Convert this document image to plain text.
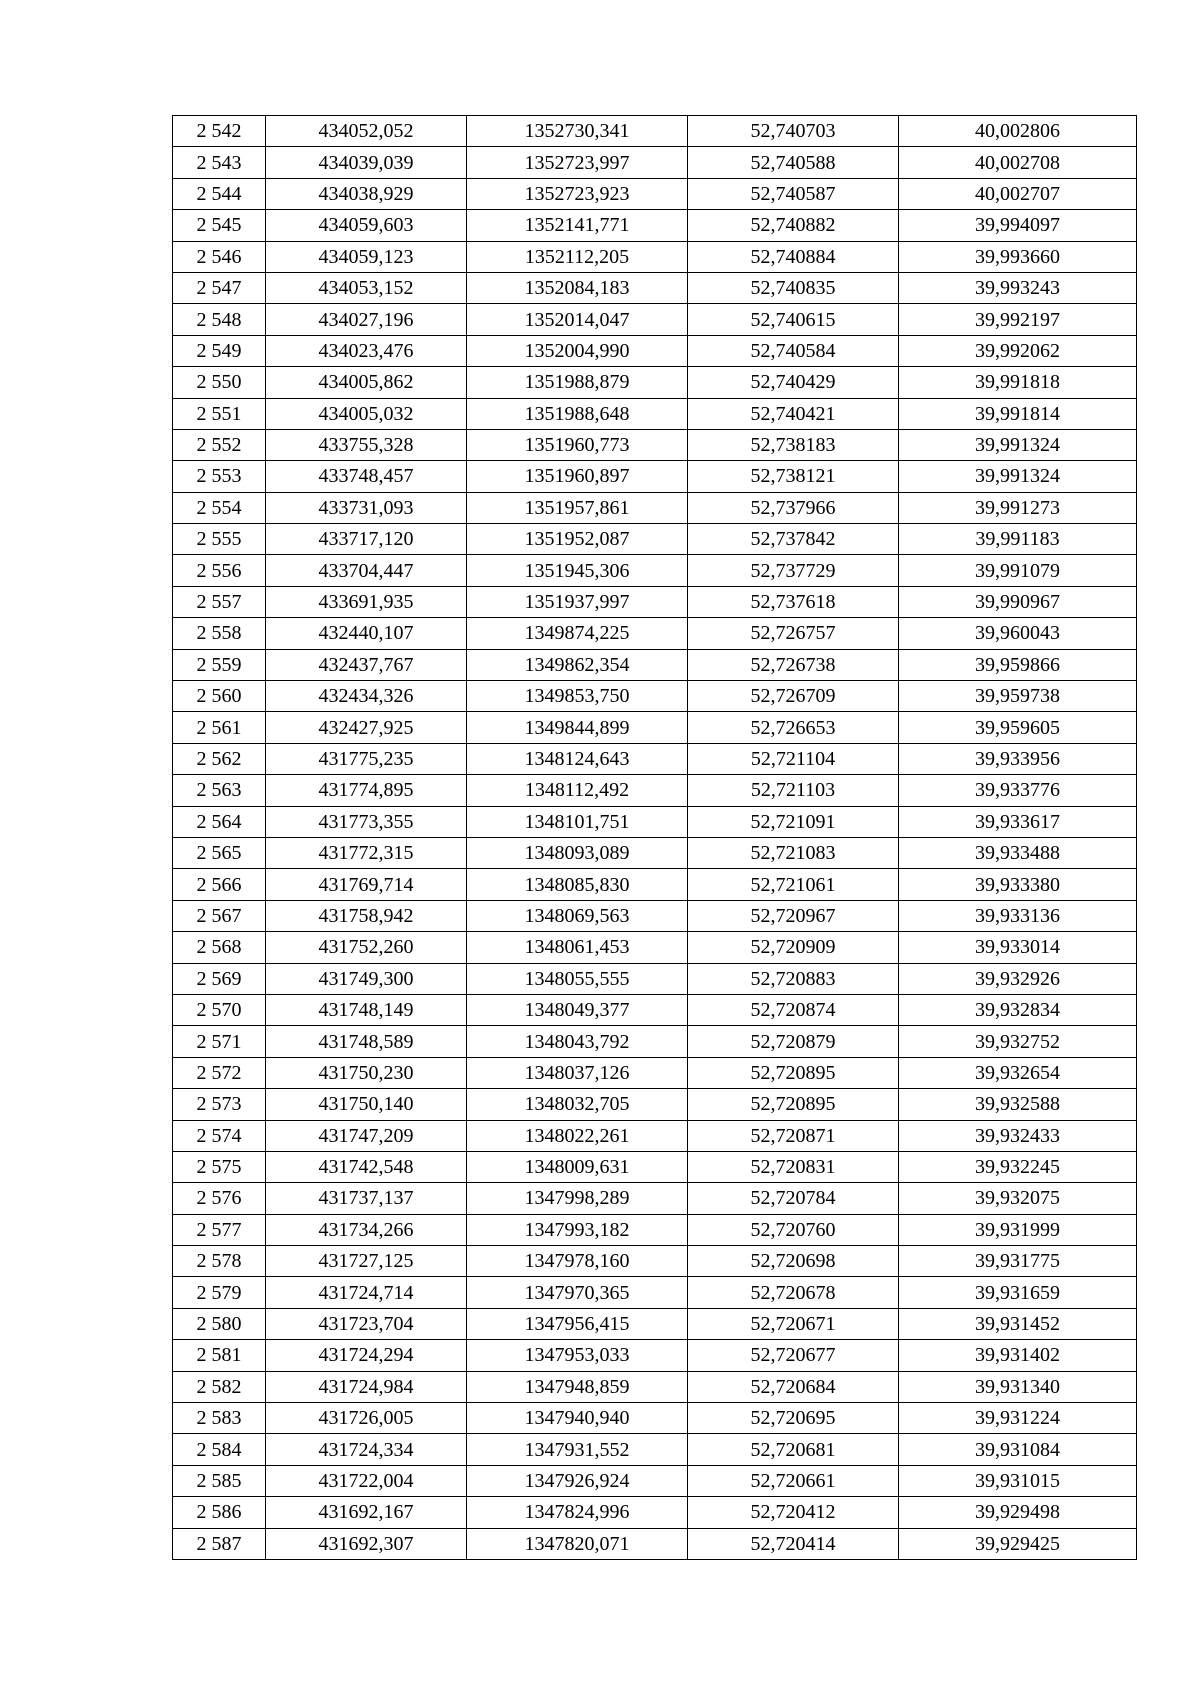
2 542	434052,052	1352730,341	52,740703	40,002806
2 543	434039,039	1352723,997	52,740588	40,002708
2 544	434038,929	1352723,923	52,740587	40,002707
2 545	434059,603	1352141,771	52,740882	39,994097
2 546	434059,123	1352112,205	52,740884	39,993660
2 547	434053,152	1352084,183	52,740835	39,993243
2 548	434027,196	1352014,047	52,740615	39,992197
2 549	434023,476	1352004,990	52,740584	39,992062
2 550	434005,862	1351988,879	52,740429	39,991818
2 551	434005,032	1351988,648	52,740421	39,991814
2 552	433755,328	1351960,773	52,738183	39,991324
2 553	433748,457	1351960,897	52,738121	39,991324
2 554	433731,093	1351957,861	52,737966	39,991273
2 555	433717,120	1351952,087	52,737842	39,991183
2 556	433704,447	1351945,306	52,737729	39,991079
2 557	433691,935	1351937,997	52,737618	39,990967
2 558	432440,107	1349874,225	52,726757	39,960043
2 559	432437,767	1349862,354	52,726738	39,959866
2 560	432434,326	1349853,750	52,726709	39,959738
2 561	432427,925	1349844,899	52,726653	39,959605
2 562	431775,235	1348124,643	52,721104	39,933956
2 563	431774,895	1348112,492	52,721103	39,933776
2 564	431773,355	1348101,751	52,721091	39,933617
2 565	431772,315	1348093,089	52,721083	39,933488
2 566	431769,714	1348085,830	52,721061	39,933380
2 567	431758,942	1348069,563	52,720967	39,933136
2 568	431752,260	1348061,453	52,720909	39,933014
2 569	431749,300	1348055,555	52,720883	39,932926
2 570	431748,149	1348049,377	52,720874	39,932834
2 571	431748,589	1348043,792	52,720879	39,932752
2 572	431750,230	1348037,126	52,720895	39,932654
2 573	431750,140	1348032,705	52,720895	39,932588
2 574	431747,209	1348022,261	52,720871	39,932433
2 575	431742,548	1348009,631	52,720831	39,932245
2 576	431737,137	1347998,289	52,720784	39,932075
2 577	431734,266	1347993,182	52,720760	39,931999
2 578	431727,125	1347978,160	52,720698	39,931775
2 579	431724,714	1347970,365	52,720678	39,931659
2 580	431723,704	1347956,415	52,720671	39,931452
2 581	431724,294	1347953,033	52,720677	39,931402
2 582	431724,984	1347948,859	52,720684	39,931340
2 583	431726,005	1347940,940	52,720695	39,931224
2 584	431724,334	1347931,552	52,720681	39,931084
2 585	431722,004	1347926,924	52,720661	39,931015
2 586	431692,167	1347824,996	52,720412	39,929498
2 587	431692,307	1347820,071	52,720414	39,929425
